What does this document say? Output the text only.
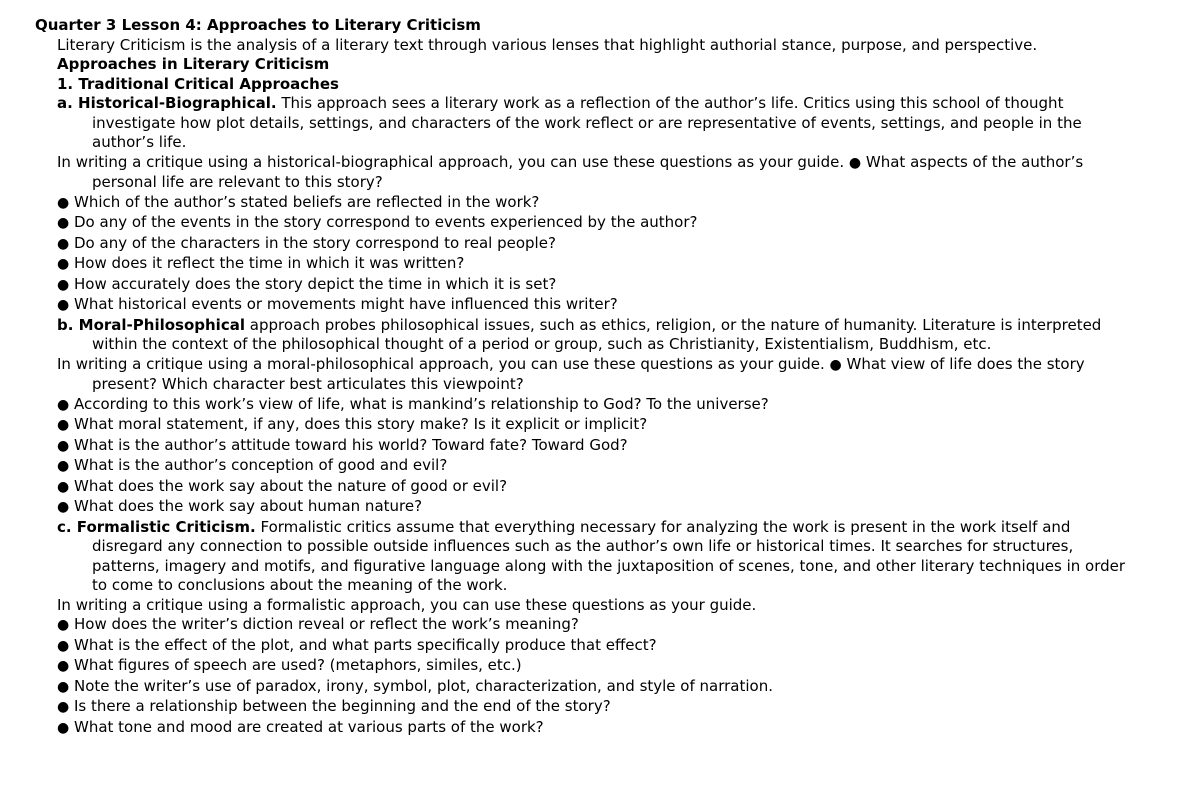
Quarter 3 Lesson 4: Approaches to Literary Criticism

Literary Criticism is the analysis of a literary text through various lenses that highlight authorial stance, purpose, and perspective.

Approaches in Literary Criticism

1. Traditional Critical Approaches

a. Historical-Biographical. This approach sees a literary work as a reflection of the author’s life. Critics using this school of thought

investigate how plot details, settings, and characters of the work reflect or are representative of events, settings, and people in the

author’s life.

In writing a critique using a historical-biographical approach, you can use these questions as your guide. ● What aspects of the author’s

personal life are relevant to this story?

● Which of the author’s stated beliefs are reflected in the work?

● Do any of the events in the story correspond to events experienced by the author?

● Do any of the characters in the story correspond to real people?

● How does it reflect the time in which it was written?

● How accurately does the story depict the time in which it is set?

● What historical events or movements might have influenced this writer?

b. Moral-Philosophical approach probes philosophical issues, such as ethics, religion, or the nature of humanity. Literature is interpreted

within the context of the philosophical thought of a period or group, such as Christianity, Existentialism, Buddhism, etc.

In writing a critique using a moral-philosophical approach, you can use these questions as your guide. ● What view of life does the story

present? Which character best articulates this viewpoint?

● According to this work’s view of life, what is mankind’s relationship to God? To the universe?

● What moral statement, if any, does this story make? Is it explicit or implicit?

● What is the author’s attitude toward his world? Toward fate? Toward God?

● What is the author’s conception of good and evil?

● What does the work say about the nature of good or evil?

● What does the work say about human nature?

c. Formalistic Criticism. Formalistic critics assume that everything necessary for analyzing the work is present in the work itself and

disregard any connection to possible outside influences such as the author’s own life or historical times. It searches for structures,

patterns, imagery and motifs, and figurative language along with the juxtaposition of scenes, tone, and other literary techniques in order

to come to conclusions about the meaning of the work.

In writing a critique using a formalistic approach, you can use these questions as your guide.

● How does the writer’s diction reveal or reflect the work’s meaning?

● What is the effect of the plot, and what parts specifically produce that effect?

● What figures of speech are used? (metaphors, similes, etc.)

● Note the writer’s use of paradox, irony, symbol, plot, characterization, and style of narration.

● Is there a relationship between the beginning and the end of the story?

● What tone and mood are created at various parts of the work?
